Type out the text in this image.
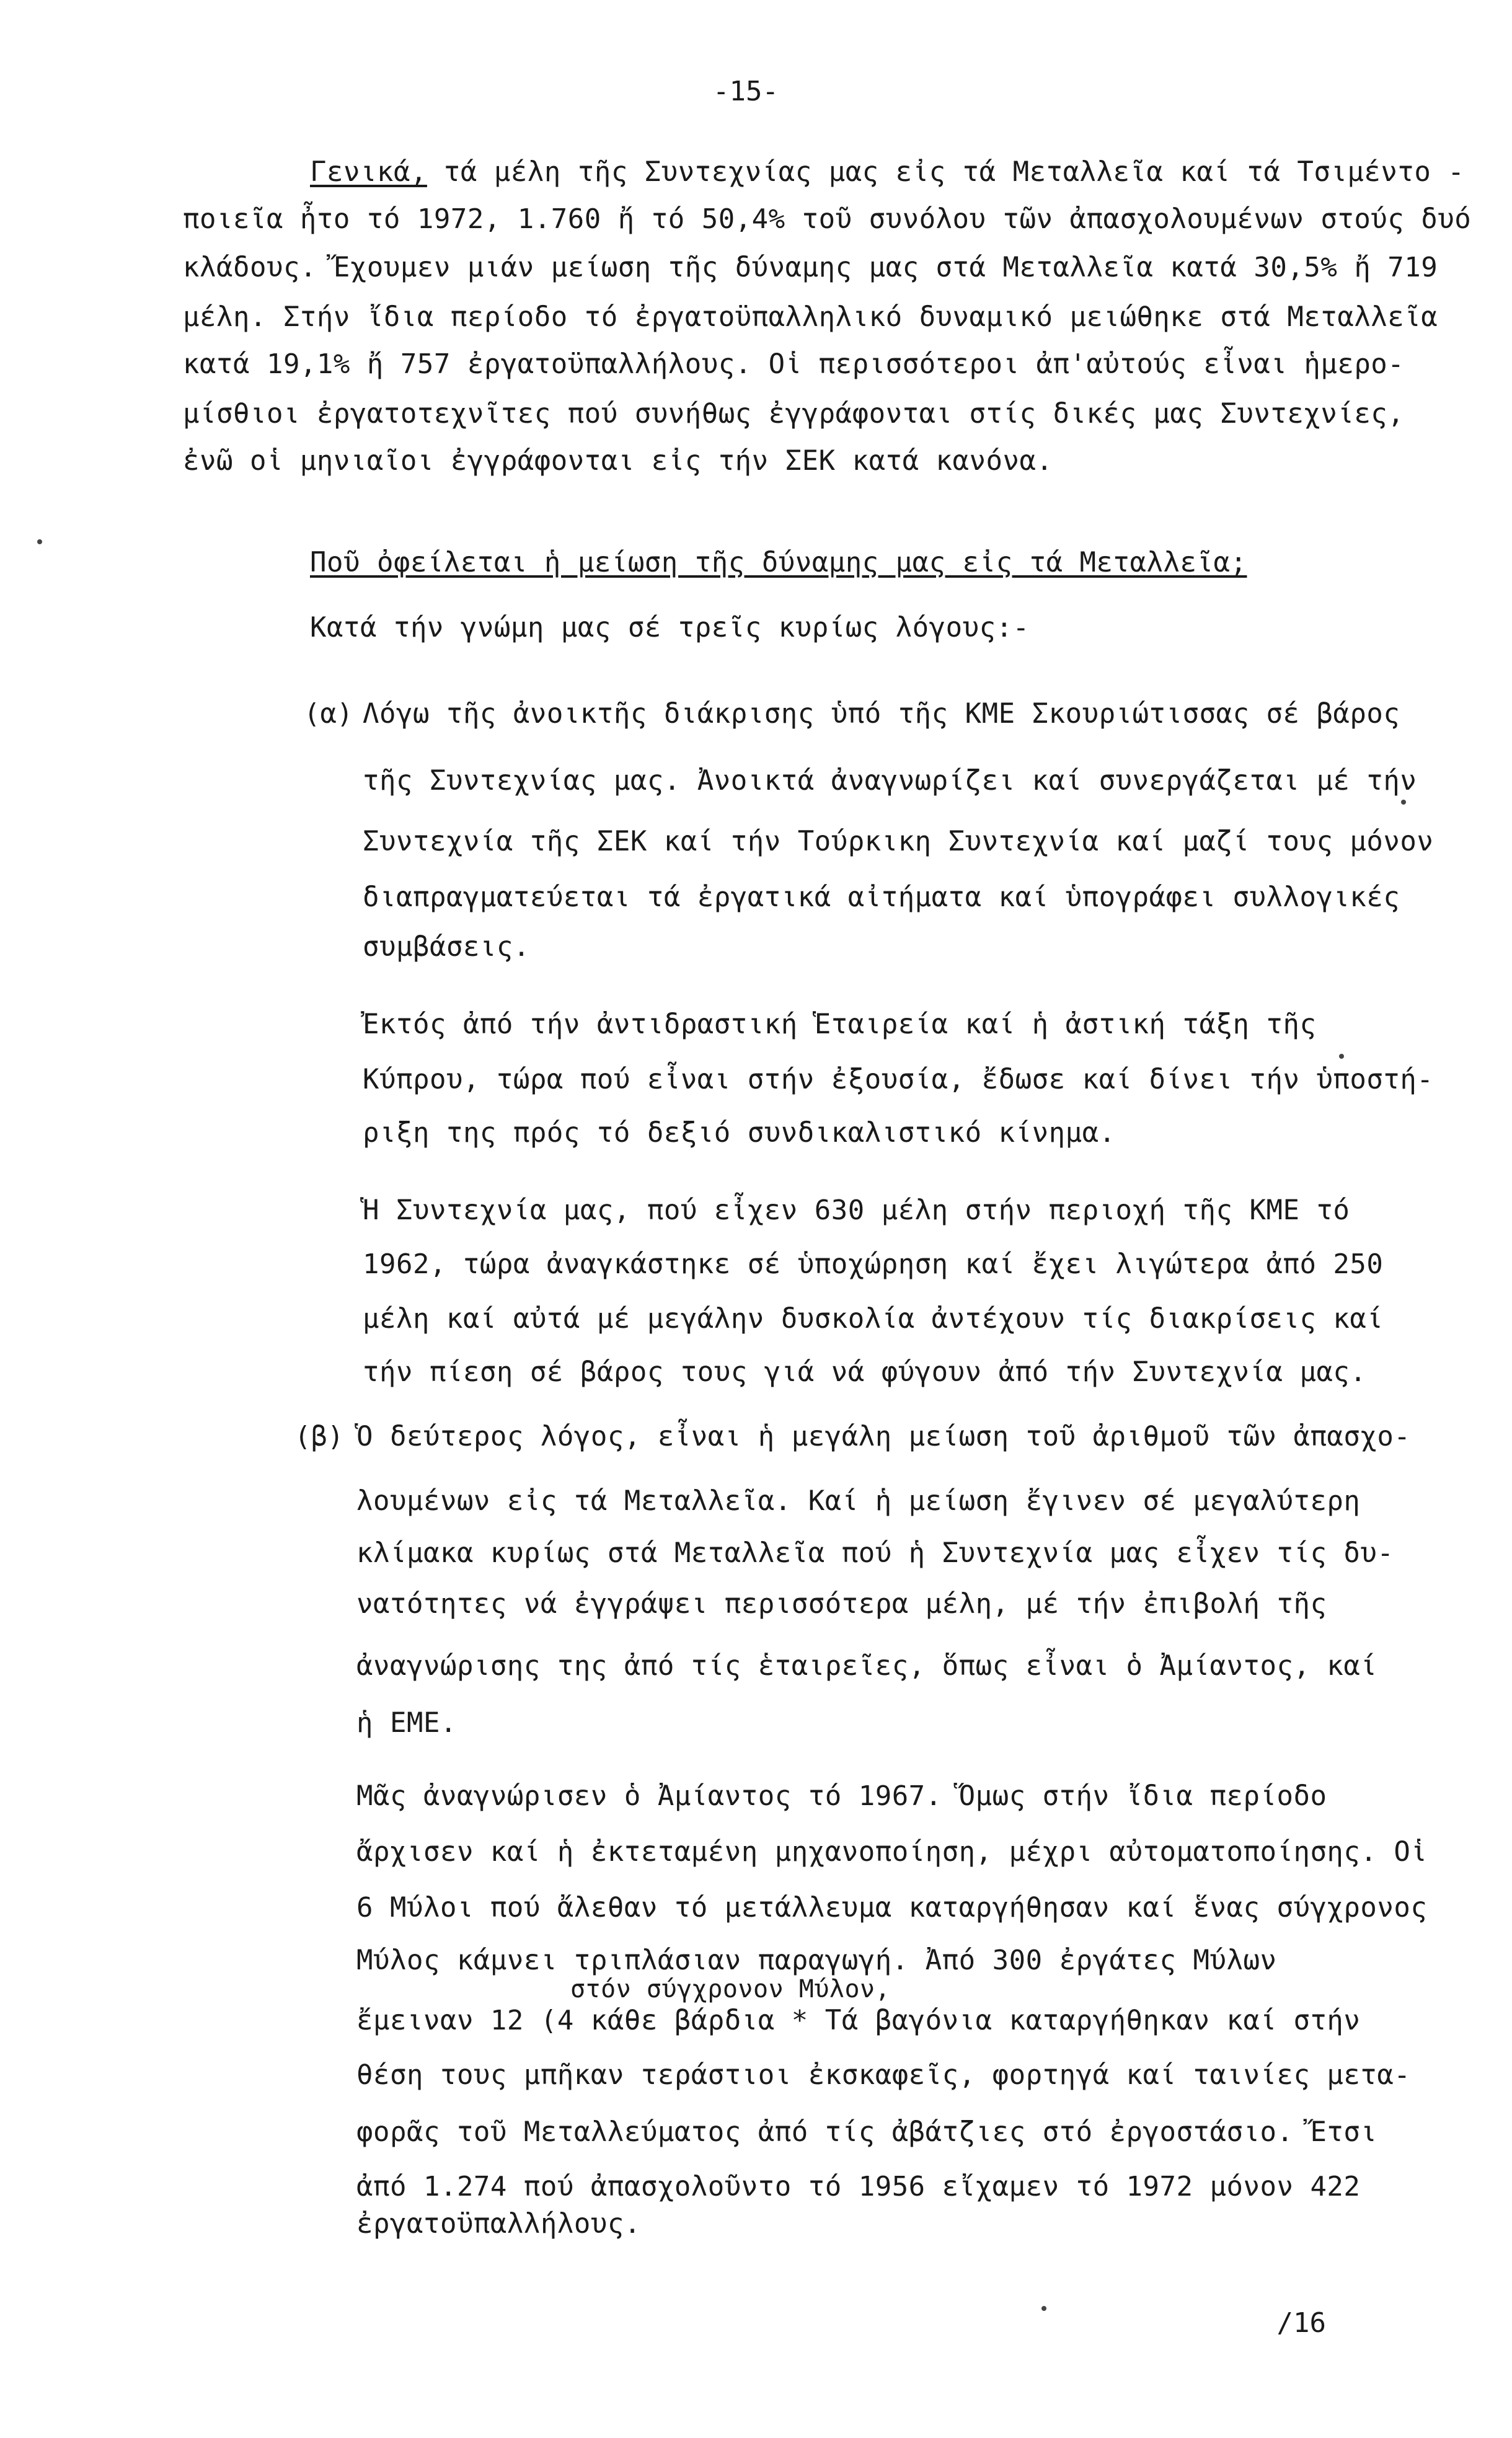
-15-
Γενικά, τά μέλη τῆς Συντεχνίας μας εἰς τά Μεταλλεῖα καί τά Τσιμέντο -
ποιεῖα ἦτο τό 1972, 1.760 ἤ τό 50,4% τοῦ συνόλου τῶν ἀπασχολουμένων στούς δυό
κλάδους. Ἔχουμεν μιάν μείωση τῆς δύναμης μας στά Μεταλλεῖα κατά 30,5% ἤ 719
μέλη. Στήν ἴδια περίοδο τό ἐργατοϋπαλληλικό δυναμικό μειώθηκε στά Μεταλλεῖα
κατά 19,1% ἤ 757 ἐργατοϋπαλλήλους. Οἱ περισσότεροι ἀπ'αὐτούς εἶναι ἡμερο-
μίσθιοι ἐργατοτεχνῖτες πού συνήθως ἐγγράφονται στίς δικές μας Συντεχνίες,
ἐνῶ οἱ μηνιαῖοι ἐγγράφονται εἰς τήν ΣΕΚ κατά κανόνα.
Ποῦ ὀφείλεται ἡ μείωση τῆς δύναμης μας εἰς τά Μεταλλεῖα;
Κατά τήν γνώμη μας σέ τρεῖς κυρίως λόγους:-
(α) Λόγω τῆς ἀνοικτῆς διάκρισης ὑπό τῆς ΚΜΕ Σκουριώτισσας σέ βάρος
τῆς Συντεχνίας μας. Ἀνοικτά ἀναγνωρίζει καί συνεργάζεται μέ τήν
Συντεχνία τῆς ΣΕΚ καί τήν Τούρκικη Συντεχνία καί μαζί τους μόνον
διαπραγματεύεται τά ἐργατικά αἰτήματα καί ὑπογράφει συλλογικές
συμβάσεις.
Ἐκτός ἀπό τήν ἀντιδραστική Ἑταιρεία καί ἡ ἀστική τάξη τῆς
Κύπρου, τώρα πού εἶναι στήν ἐξουσία, ἔδωσε καί δίνει τήν ὑποστή-
ριξη της πρός τό δεξιό συνδικαλιστικό κίνημα.
Ἡ Συντεχνία μας, πού εἶχεν 630 μέλη στήν περιοχή τῆς ΚΜΕ τό
1962, τώρα ἀναγκάστηκε σέ ὑποχώρηση καί ἔχει λιγώτερα ἀπό 250
μέλη καί αὐτά μέ μεγάλην δυσκολία ἀντέχουν τίς διακρίσεις καί
τήν πίεση σέ βάρος τους γιά νά φύγουν ἀπό τήν Συντεχνία μας.
(β) Ὁ δεύτερος λόγος, εἶναι ἡ μεγάλη μείωση τοῦ ἀριθμοῦ τῶν ἀπασχο-
λουμένων εἰς τά Μεταλλεῖα. Καί ἡ μείωση ἔγινεν σέ μεγαλύτερη
κλίμακα κυρίως στά Μεταλλεῖα πού ἡ Συντεχνία μας εἶχεν τίς δυ-
νατότητες νά ἐγγράψει περισσότερα μέλη, μέ τήν ἐπιβολή τῆς
ἀναγνώρισης της ἀπό τίς ἑταιρεῖες, ὅπως εἶναι ὁ Ἀμίαντος, καί
ἡ ΕΜΕ.
Μᾶς ἀναγνώρισεν ὁ Ἀμίαντος τό 1967. Ὅμως στήν ἴδια περίοδο
ἄρχισεν καί ἡ ἐκτεταμένη μηχανοποίηση, μέχρι αὐτοματοποίησης. Οἱ
6 Μύλοι πού ἄλεθαν τό μετάλλευμα καταργήθησαν καί ἕνας σύγχρονος
Μύλος κάμνει τριπλάσιαν παραγωγή. Ἀπό 300 ἐργάτες Μύλων
στόν σύγχρονον Μύλον,
ἔμειναν 12 (4 κάθε βάρδια * Τά βαγόνια καταργήθηκαν καί στήν
θέση τους μπῆκαν τεράστιοι ἐκσκαφεῖς, φορτηγά καί ταινίες μετα-
φορᾶς τοῦ Μεταλλεύματος ἀπό τίς ἀβάτζιες στό ἐργοστάσιο. Ἔτσι
ἀπό 1.274 πού ἀπασχολοῦντο τό 1956 εἴχαμεν τό 1972 μόνον 422
ἐργατοϋπαλλήλους.
/16
